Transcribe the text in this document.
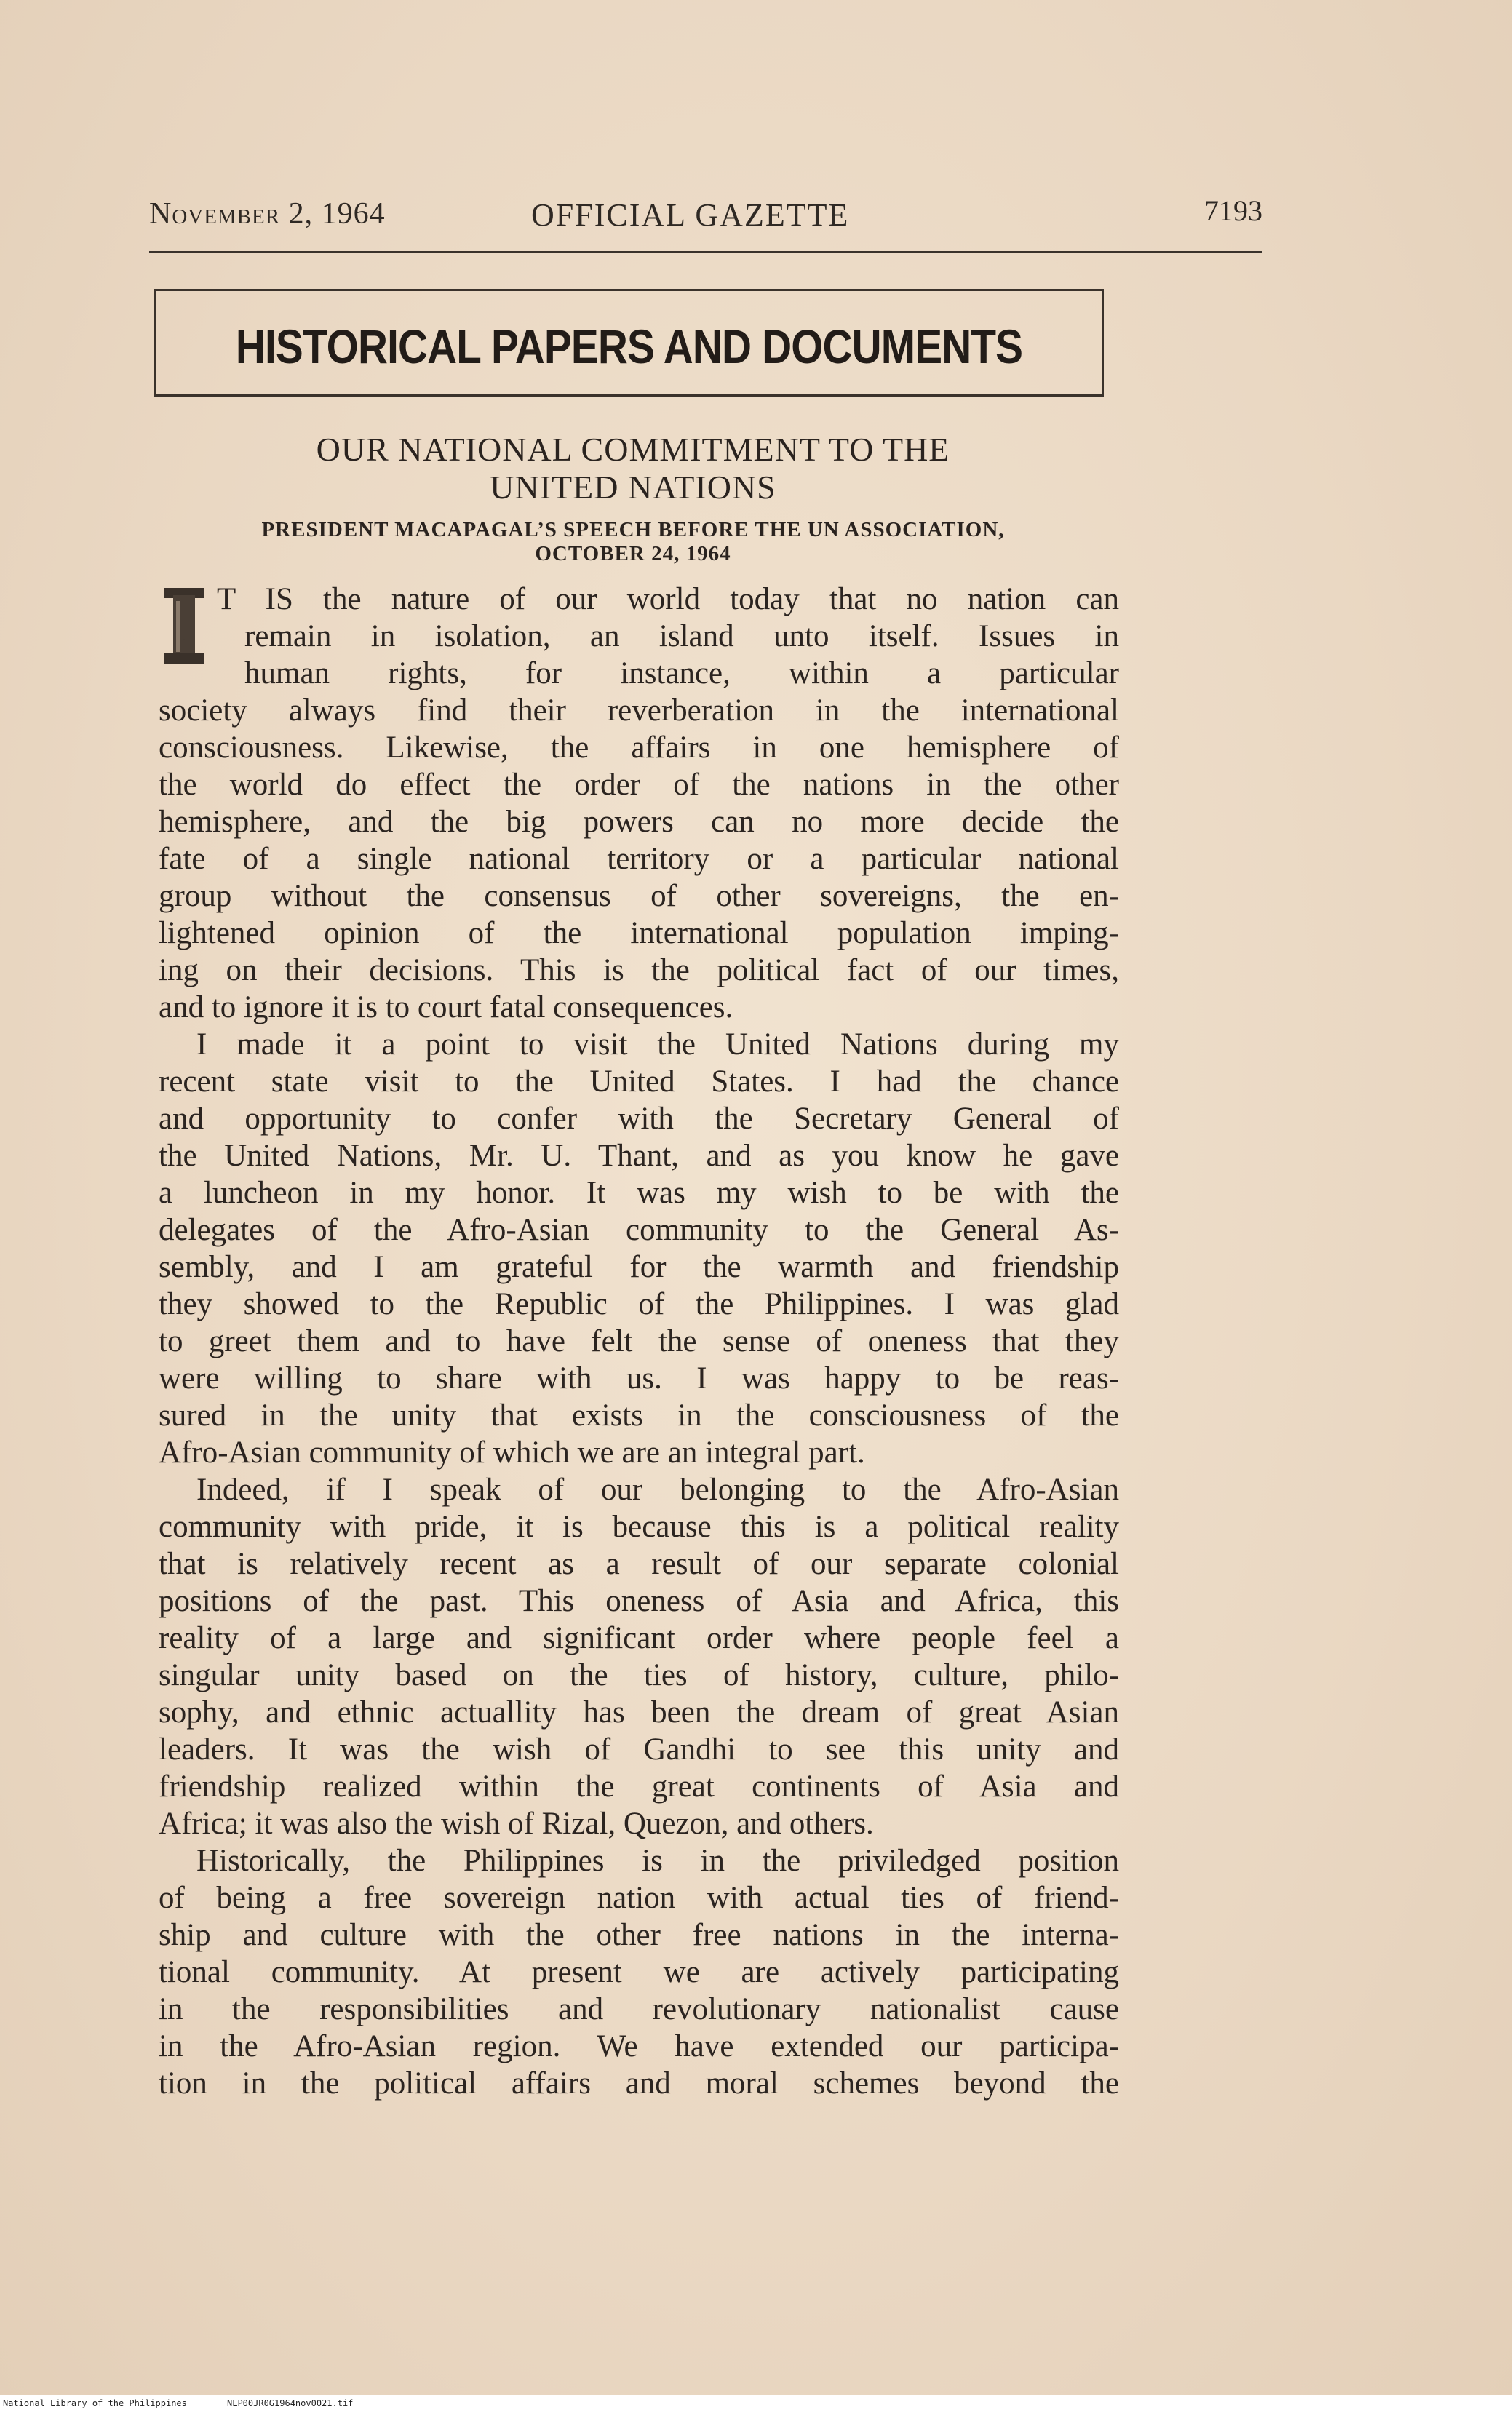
November 2, 1964	OFFICIAL GAZETTE	7193
HISTORICAL PAPERS AND DOCUMENTS
OUR NATIONAL COMMITMENT TO THE
UNITED NATIONS
PRESIDENT MACAPAGAL’S SPEECH BEFORE THE UN ASSOCIATION,
OCTOBER 24, 1964
I
T IS the nature of our world today that no nation can
remain in isolation, an island unto itself. Issues in
human rights, for instance, within a particular
society always find their reverberation in the international
consciousness. Likewise, the affairs in one hemisphere of
the world do effect the order of the nations in the other
hemisphere, and the big powers can no more decide the
fate of a single national territory or a particular national
group without the consensus of other sovereigns, the en-
lightened opinion of the international population imping-
ing on their decisions. This is the political fact of our times,
and to ignore it is to court fatal consequences.
I made it a point to visit the United Nations during my
recent state visit to the United States. I had the chance
and opportunity to confer with the Secretary General of
the United Nations, Mr. U. Thant, and as you know he gave
a luncheon in my honor. It was my wish to be with the
delegates of the Afro-Asian community to the General As-
sembly, and I am grateful for the warmth and friendship
they showed to the Republic of the Philippines. I was glad
to greet them and to have felt the sense of oneness that they
were willing to share with us. I was happy to be reas-
sured in the unity that exists in the consciousness of the
Afro-Asian community of which we are an integral part.
Indeed, if I speak of our belonging to the Afro-Asian
community with pride, it is because this is a political reality
that is relatively recent as a result of our separate colonial
positions of the past. This oneness of Asia and Africa, this
reality of a large and significant order where people feel a
singular unity based on the ties of history, culture, philo-
sophy, and ethnic actuallity has been the dream of great Asian
leaders. It was the wish of Gandhi to see this unity and
friendship realized within the great continents of Asia and
Africa; it was also the wish of Rizal, Quezon, and others.
Historically, the Philippines is in the priviledged position
of being a free sovereign nation with actual ties of friend-
ship and culture with the other free nations in the interna-
tional community. At present we are actively participating
in the responsibilities and revolutionary nationalist cause
in the Afro-Asian region. We have extended our participa-
tion in the political affairs and moral schemes beyond the
National Library of the Philippines	NLP00JR0G1964nov0021.tif
